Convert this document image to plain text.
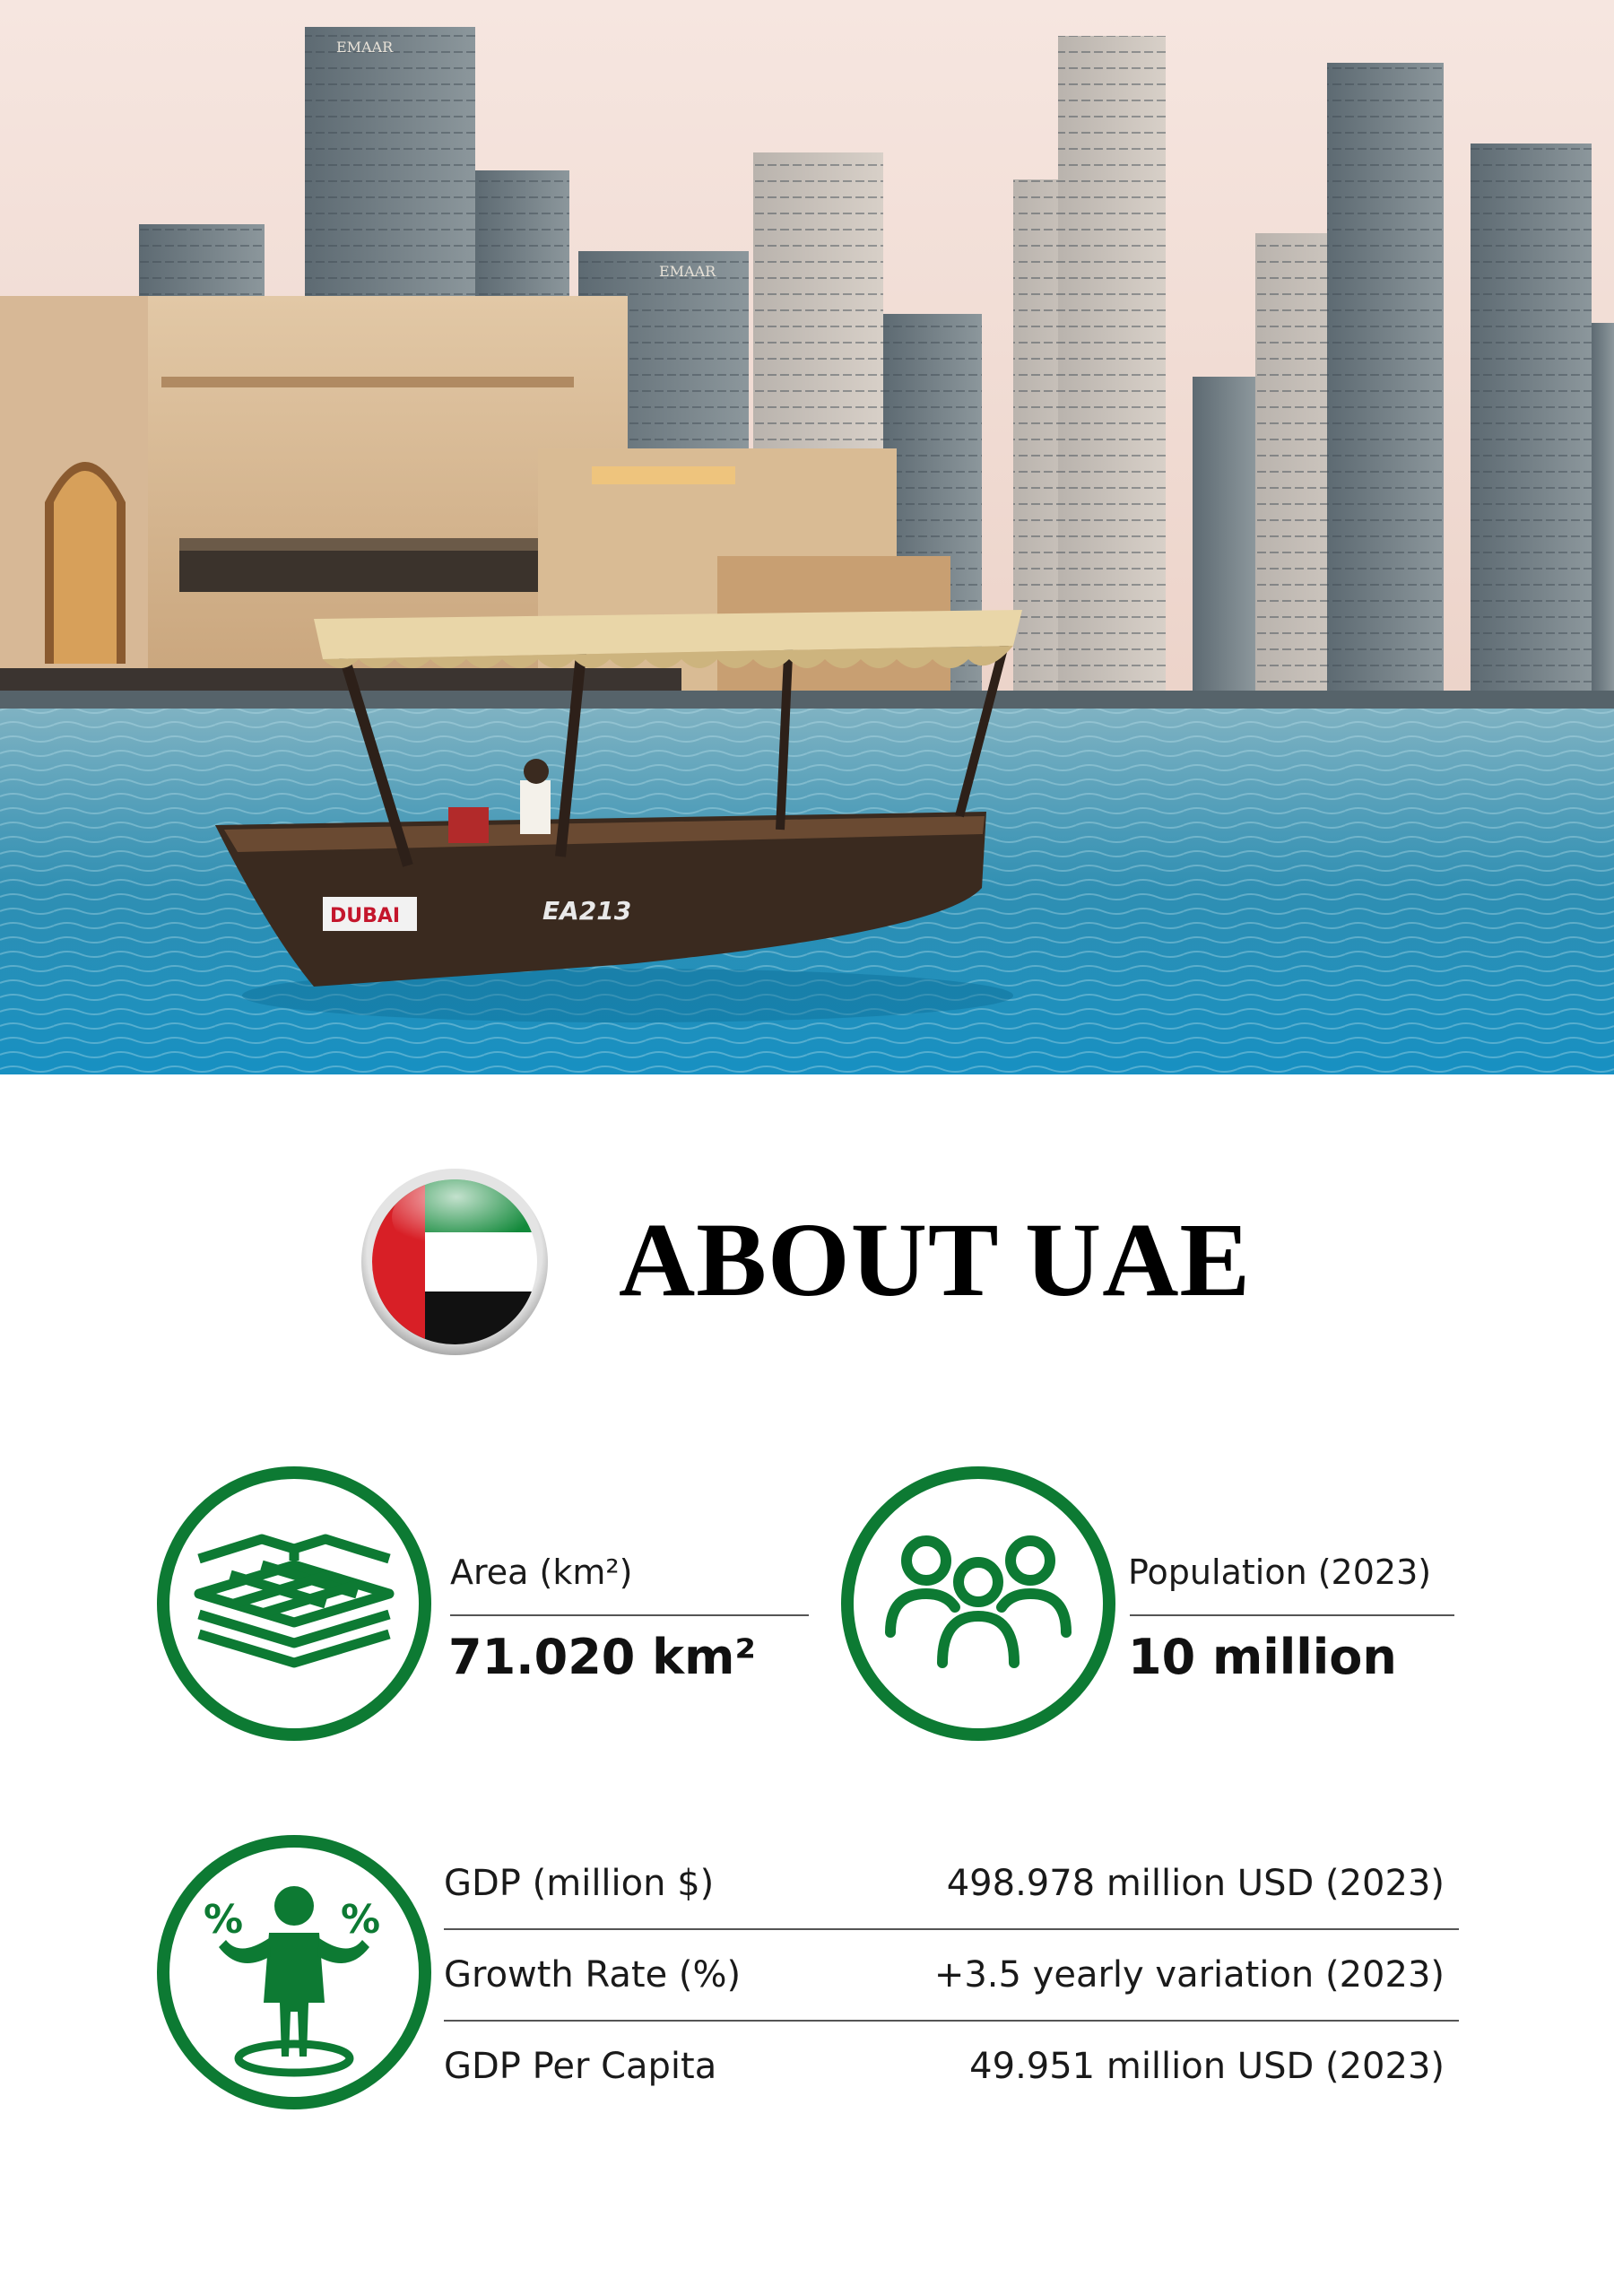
EMAAR
EMAAR
DUBAI	EA213
ABOUT UAE
Area (km²)
71.020 km²
Population (2023)
10 million
% %
GDP (million $)	498.978 million USD (2023)
Growth Rate (%)	+3.5 yearly variation (2023)
GDP Per Capita	49.951 million USD (2023)
